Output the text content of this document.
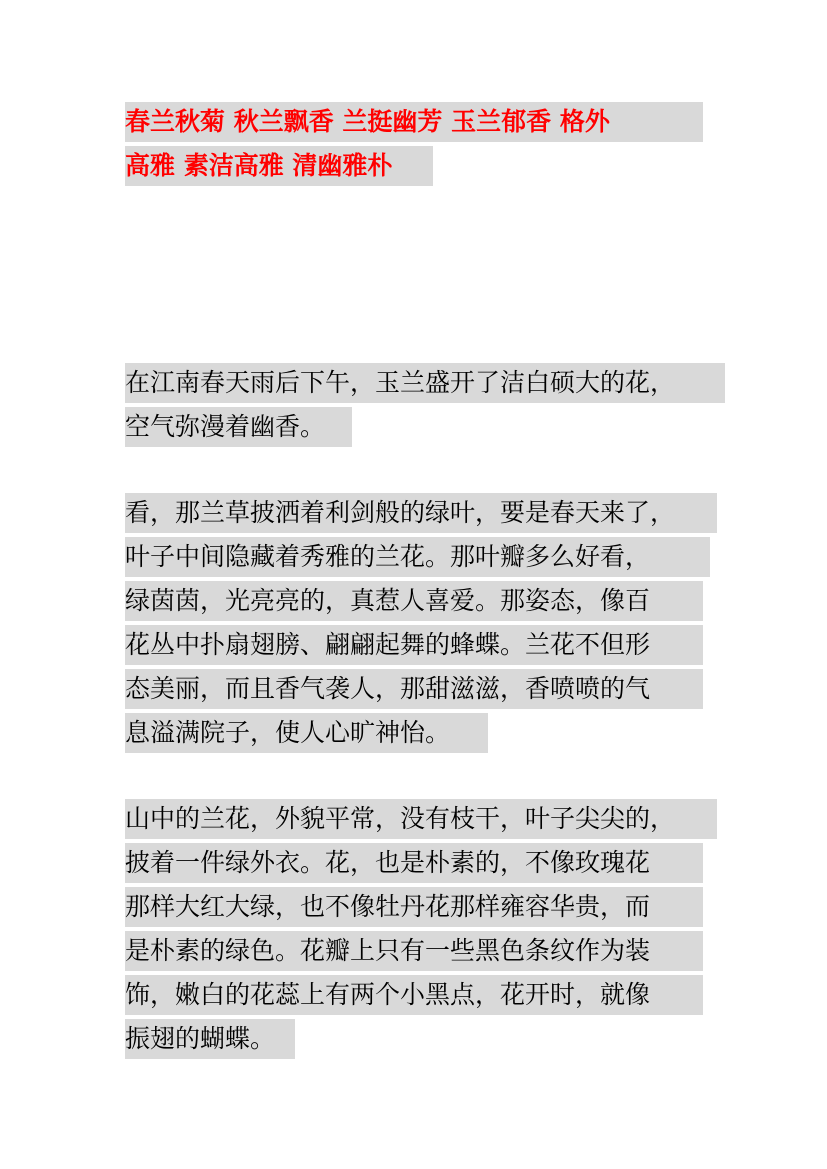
春兰秋菊 秋兰飘香 兰挺幽芳 玉兰郁香 格外
高雅 素洁高雅 清幽雅朴
在江南春天雨后下午，玉兰盛开了洁白硕大的花，
空气弥漫着幽香。
看，那兰草披洒着利剑般的绿叶，要是春天来了，
叶子中间隐藏着秀雅的兰花。那叶瓣多么好看，
绿茵茵，光亮亮的，真惹人喜爱。那姿态，像百
花丛中扑扇翅膀、翩翩起舞的蜂蝶。兰花不但形
态美丽，而且香气袭人，那甜滋滋，香喷喷的气
息溢满院子，使人心旷神怡。
山中的兰花，外貌平常，没有枝干，叶子尖尖的，
披着一件绿外衣。花，也是朴素的，不像玫瑰花
那样大红大绿，也不像牡丹花那样雍容华贵，而
是朴素的绿色。花瓣上只有一些黑色条纹作为装
饰，嫩白的花蕊上有两个小黑点，花开时，就像
振翅的蝴蝶。
